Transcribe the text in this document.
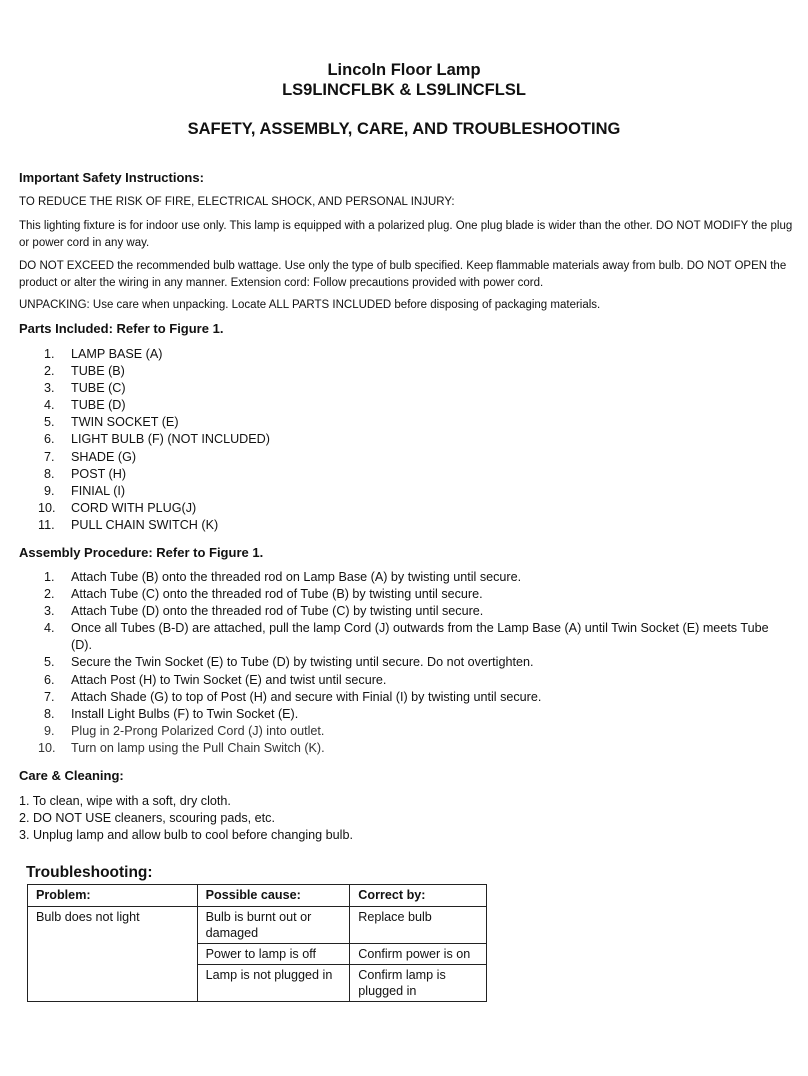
Lincoln Floor Lamp
LS9LINCFLBK & LS9LINCFLSL
SAFETY, ASSEMBLY, CARE, AND TROUBLESHOOTING
Important Safety Instructions:
TO REDUCE THE RISK OF FIRE, ELECTRICAL SHOCK, AND PERSONAL INJURY:
This lighting fixture is for indoor use only. This lamp is equipped with a polarized plug. One plug blade is wider than the other. DO NOT MODIFY the plug or power cord in any way.
DO NOT EXCEED the recommended bulb wattage. Use only the type of bulb specified. Keep flammable materials away from bulb. DO NOT OPEN the product or alter the wiring in any manner. Extension cord: Follow precautions provided with power cord.
UNPACKING: Use care when unpacking. Locate ALL PARTS INCLUDED before disposing of packaging materials.
Parts Included: Refer to Figure 1.
1. LAMP BASE (A)
2. TUBE (B)
3. TUBE (C)
4. TUBE (D)
5. TWIN SOCKET (E)
6. LIGHT BULB (F) (NOT INCLUDED)
7. SHADE (G)
8. POST (H)
9. FINIAL (I)
10. CORD WITH PLUG(J)
11. PULL CHAIN SWITCH (K)
Assembly Procedure: Refer to Figure 1.
1. Attach Tube (B) onto the threaded rod on Lamp Base (A) by twisting until secure.
2. Attach Tube (C) onto the threaded rod of Tube (B) by twisting until secure.
3. Attach Tube (D) onto the threaded rod of Tube (C) by twisting until secure.
4. Once all Tubes (B-D) are attached, pull the lamp Cord (J) outwards from the Lamp Base (A) until Twin Socket (E) meets Tube (D).
5. Secure the Twin Socket (E) to Tube (D) by twisting until secure. Do not overtighten.
6. Attach Post (H) to Twin Socket (E) and twist until secure.
7. Attach Shade (G) to top of Post (H) and secure with Finial (I) by twisting until secure.
8. Install Light Bulbs (F) to Twin Socket (E).
9. Plug in 2-Prong Polarized Cord (J) into outlet.
10. Turn on lamp using the Pull Chain Switch (K).
Care & Cleaning:
1. To clean, wipe with a soft, dry cloth.
2. DO NOT USE cleaners, scouring pads, etc.
3. Unplug lamp and allow bulb to cool before changing bulb.
Troubleshooting:
Problem:	Possible cause:	Correct by:
Bulb does not light	Bulb is burnt out or damaged	Replace bulb
	Power to lamp is off	Confirm power is on
	Lamp is not plugged in	Confirm lamp is plugged in
